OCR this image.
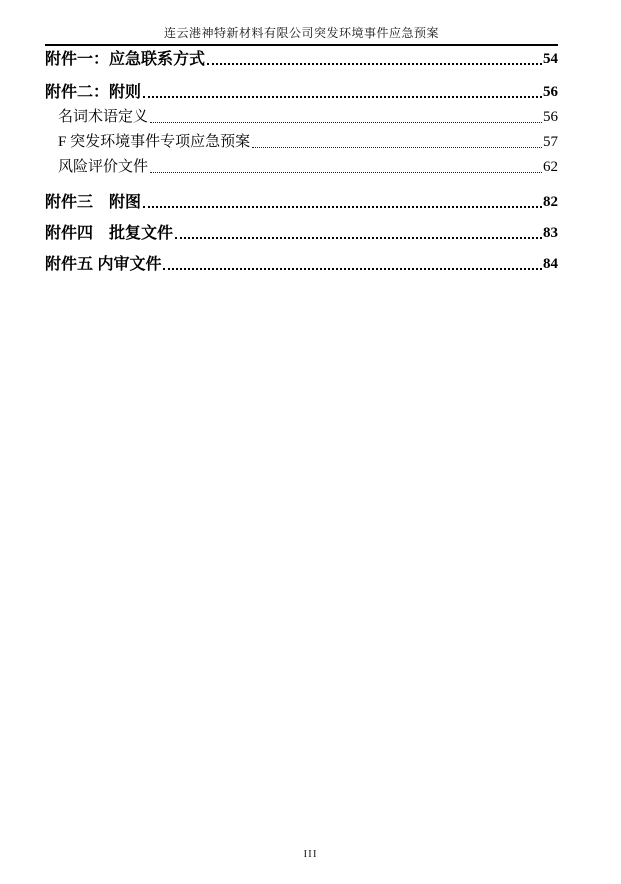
连云港神特新材料有限公司突发环境事件应急预案
附件一：应急联系方式	54
附件二：附则	56
名词术语定义	56
F 突发环境事件专项应急预案	57
风险评价文件	62
附件三　附图	82
附件四　批复文件	83
附件五 内审文件	84
III
